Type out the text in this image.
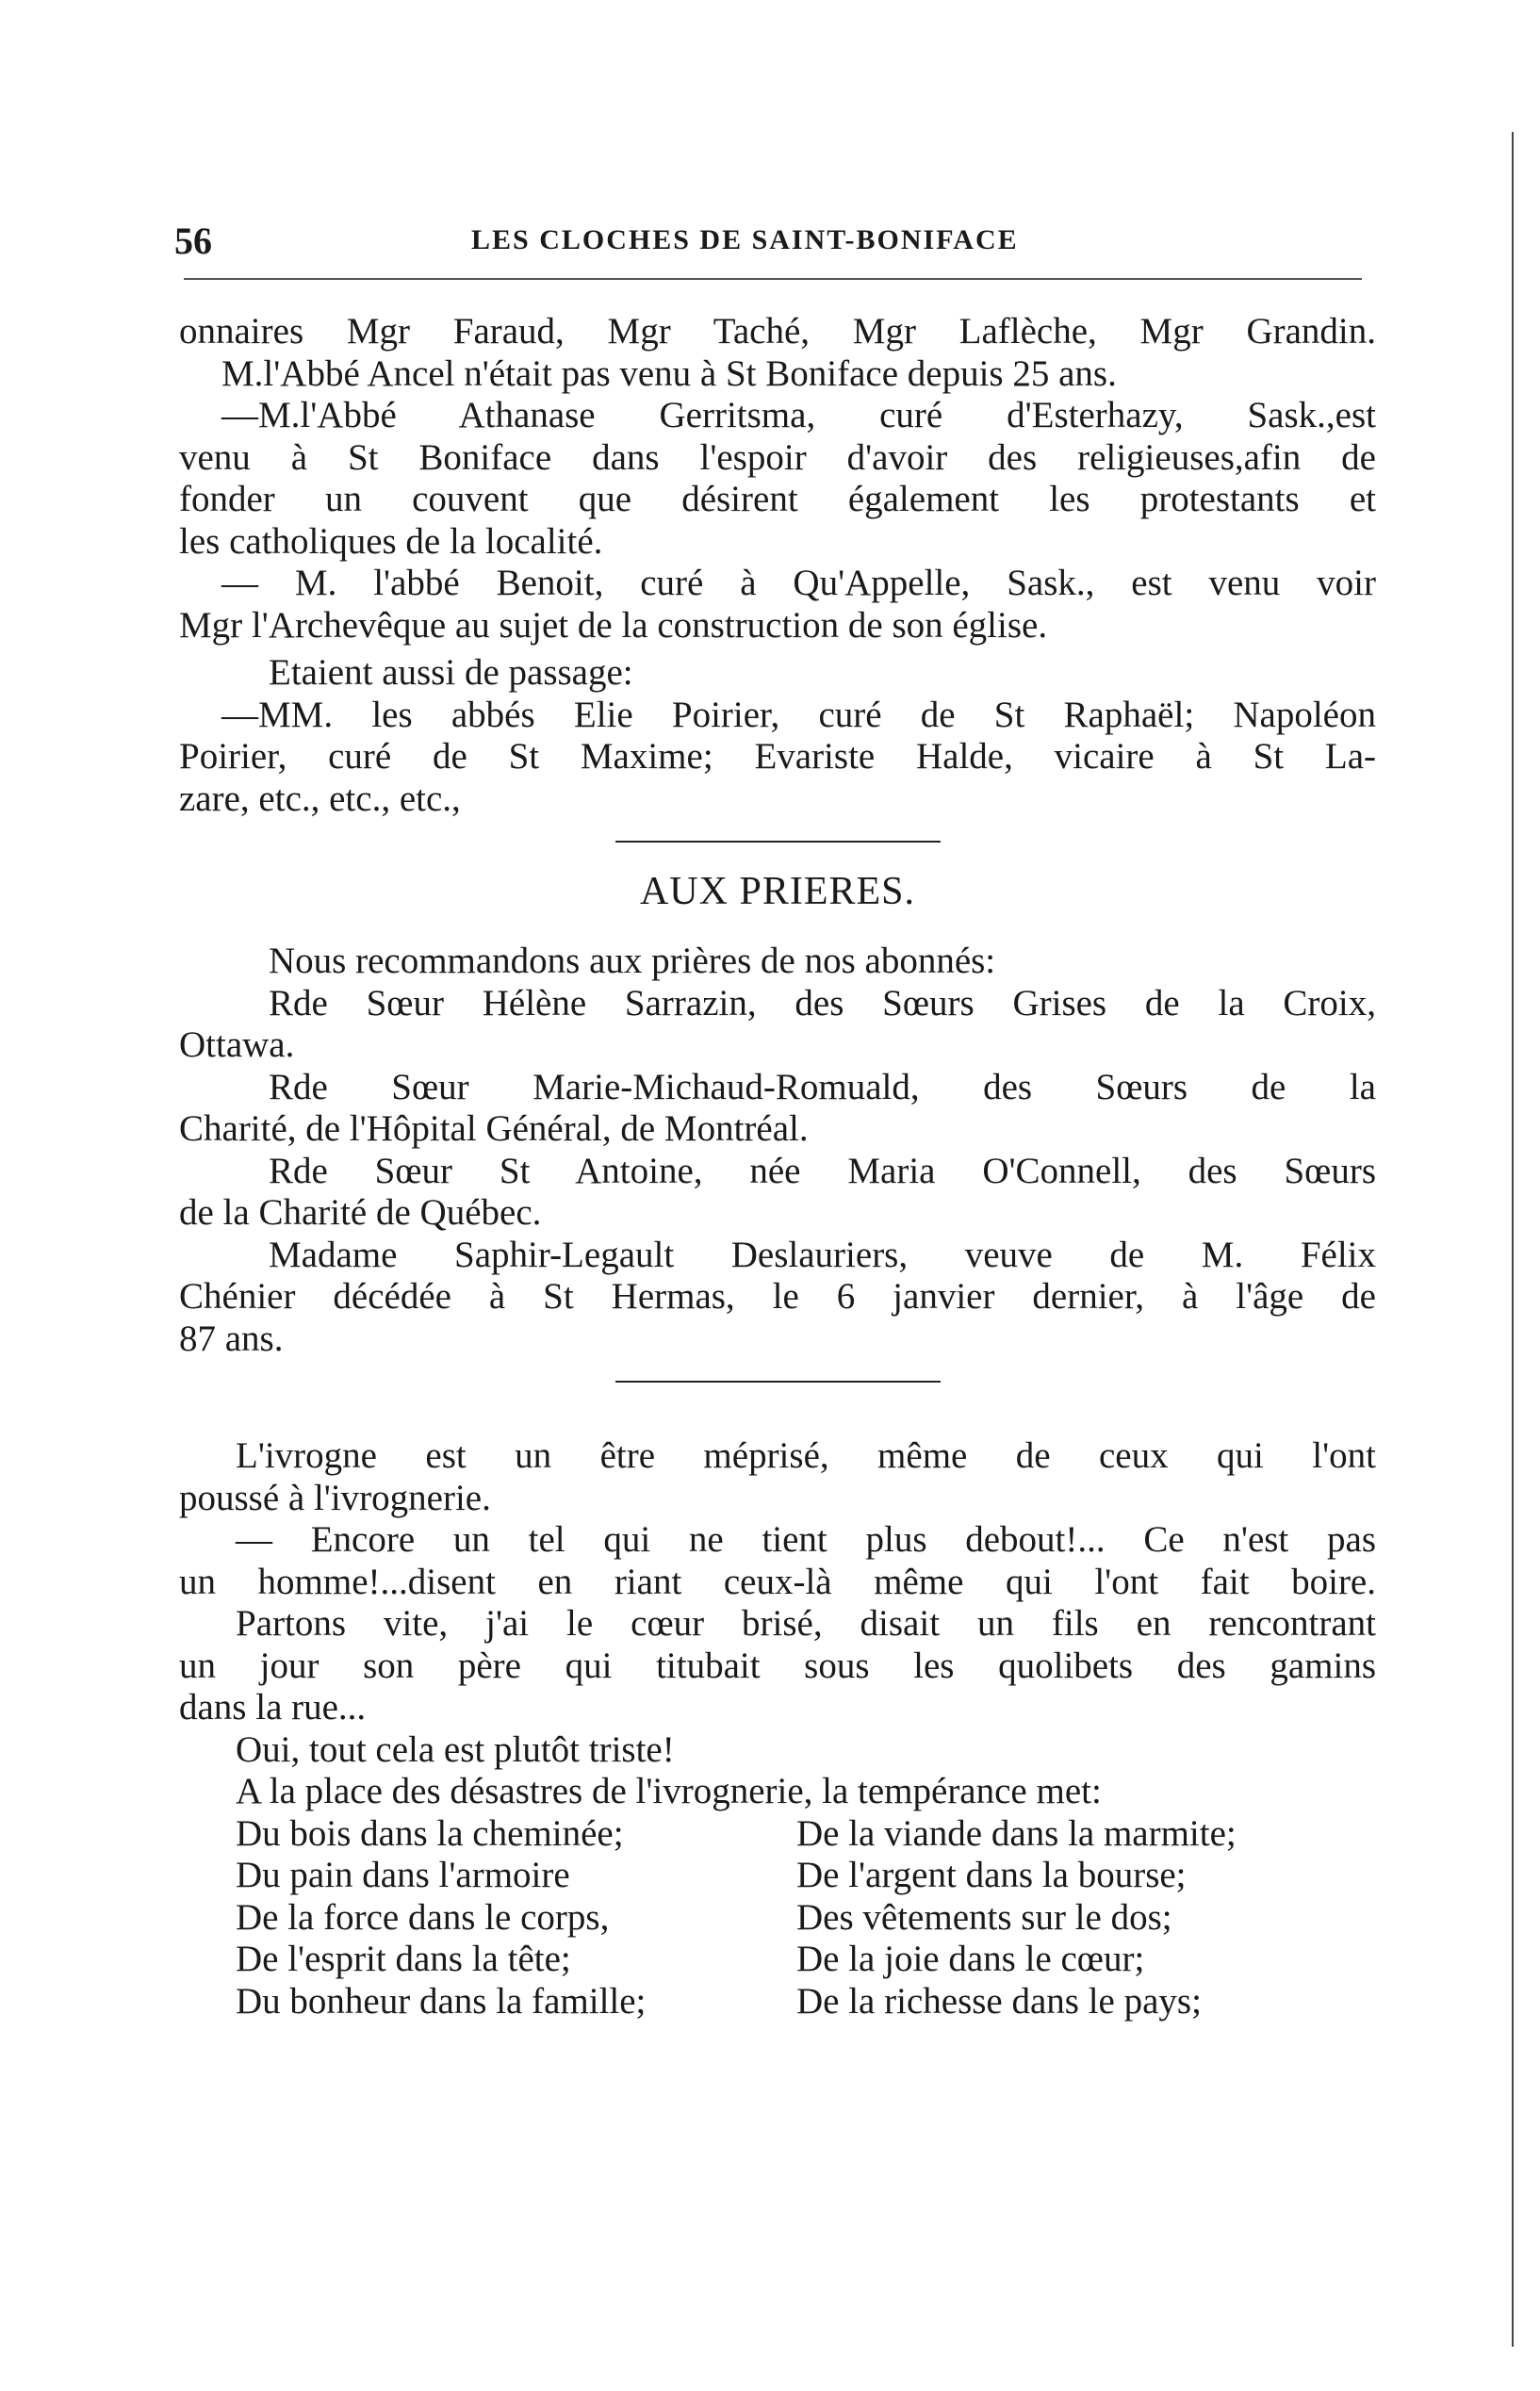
56	LES CLOCHES DE SAINT-BONIFACE
onnaires Mgr Faraud, Mgr Taché, Mgr Laflèche, Mgr Grandin.
M.l'Abbé Ancel n'était pas venu à St Boniface depuis 25 ans.
—M.l'Abbé Athanase Gerritsma, curé d'Esterhazy, Sask.,est
venu à St Boniface dans l'espoir d'avoir des religieuses,afin de
fonder un couvent que désirent également les protestants et
les catholiques de la localité.
— M. l'abbé Benoit, curé à Qu'Appelle, Sask., est venu voir
Mgr l'Archevêque au sujet de la construction de son église.
Etaient aussi de passage:
—MM. les abbés Elie Poirier, curé de St Raphaël; Napoléon
Poirier, curé de St Maxime; Evariste Halde, vicaire à St La-
zare, etc., etc., etc.,
AUX PRIERES.
Nous recommandons aux prières de nos abonnés:
Rde Sœur Hélène Sarrazin, des Sœurs Grises de la Croix,
Ottawa.
Rde Sœur Marie-Michaud-Romuald, des Sœurs de la
Charité, de l'Hôpital Général, de Montréal.
Rde Sœur St Antoine, née Maria O'Connell, des Sœurs
de la Charité de Québec.
Madame Saphir-Legault Deslauriers, veuve de M. Félix
Chénier décédée à St Hermas, le 6 janvier dernier, à l'âge de
87 ans.
L'ivrogne est un être méprisé, même de ceux qui l'ont
poussé à l'ivrognerie.
— Encore un tel qui ne tient plus debout!... Ce n'est pas
un homme!...disent en riant ceux-là même qui l'ont fait boire.
Partons vite, j'ai le cœur brisé, disait un fils en rencontrant
un jour son père qui titubait sous les quolibets des gamins
dans la rue...
Oui, tout cela est plutôt triste!
A la place des désastres de l'ivrognerie, la tempérance met:
Du bois dans la cheminée;	De la viande dans la marmite;
Du pain dans l'armoire	De l'argent dans la bourse;
De la force dans le corps,	Des vêtements sur le dos;
De l'esprit dans la tête;	De la joie dans le cœur;
Du bonheur dans la famille;	De la richesse dans le pays;
